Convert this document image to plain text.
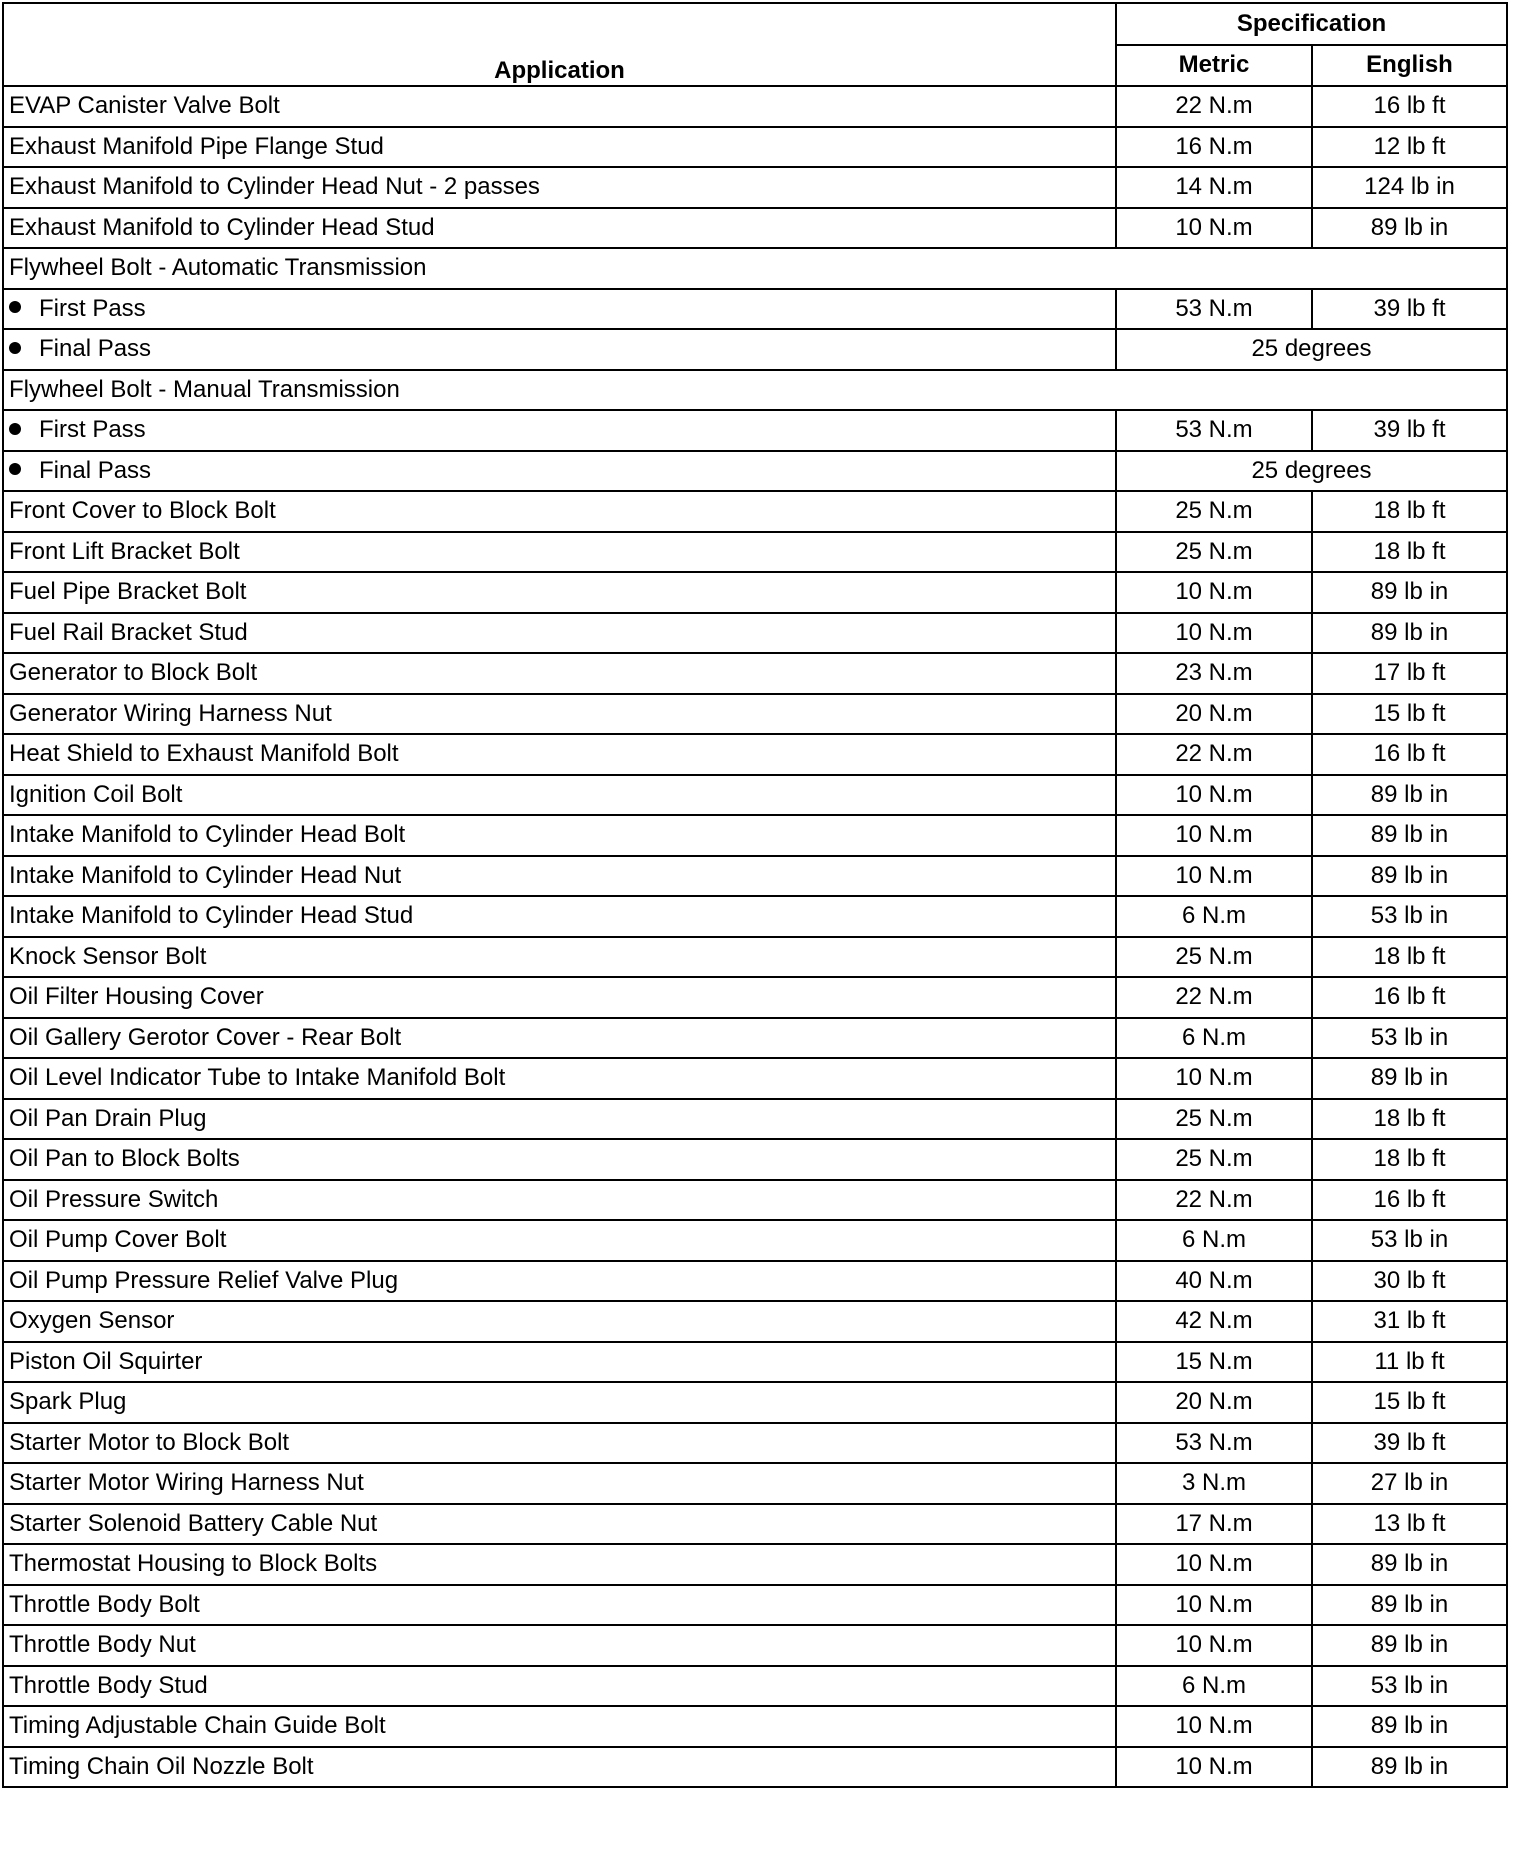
Application	Specification	
	Metric	English
EVAP Canister Valve Bolt	22 N.m	16 lb ft
Exhaust Manifold Pipe Flange Stud	16 N.m	12 lb ft
Exhaust Manifold to Cylinder Head Nut - 2 passes	14 N.m	124 lb in
Exhaust Manifold to Cylinder Head Stud	10 N.m	89 lb in
Flywheel Bolt - Automatic Transmission		
First Pass	53 N.m	39 lb ft
Final Pass	25 degrees	
Flywheel Bolt - Manual Transmission		
First Pass	53 N.m	39 lb ft
Final Pass	25 degrees	
Front Cover to Block Bolt	25 N.m	18 lb ft
Front Lift Bracket Bolt	25 N.m	18 lb ft
Fuel Pipe Bracket Bolt	10 N.m	89 lb in
Fuel Rail Bracket Stud	10 N.m	89 lb in
Generator to Block Bolt	23 N.m	17 lb ft
Generator Wiring Harness Nut	20 N.m	15 lb ft
Heat Shield to Exhaust Manifold Bolt	22 N.m	16 lb ft
Ignition Coil Bolt	10 N.m	89 lb in
Intake Manifold to Cylinder Head Bolt	10 N.m	89 lb in
Intake Manifold to Cylinder Head Nut	10 N.m	89 lb in
Intake Manifold to Cylinder Head Stud	6 N.m	53 lb in
Knock Sensor Bolt	25 N.m	18 lb ft
Oil Filter Housing Cover	22 N.m	16 lb ft
Oil Gallery Gerotor Cover - Rear Bolt	6 N.m	53 lb in
Oil Level Indicator Tube to Intake Manifold Bolt	10 N.m	89 lb in
Oil Pan Drain Plug	25 N.m	18 lb ft
Oil Pan to Block Bolts	25 N.m	18 lb ft
Oil Pressure Switch	22 N.m	16 lb ft
Oil Pump Cover Bolt	6 N.m	53 lb in
Oil Pump Pressure Relief Valve Plug	40 N.m	30 lb ft
Oxygen Sensor	42 N.m	31 lb ft
Piston Oil Squirter	15 N.m	11 lb ft
Spark Plug	20 N.m	15 lb ft
Starter Motor to Block Bolt	53 N.m	39 lb ft
Starter Motor Wiring Harness Nut	3 N.m	27 lb in
Starter Solenoid Battery Cable Nut	17 N.m	13 lb ft
Thermostat Housing to Block Bolts	10 N.m	89 lb in
Throttle Body Bolt	10 N.m	89 lb in
Throttle Body Nut	10 N.m	89 lb in
Throttle Body Stud	6 N.m	53 lb in
Timing Adjustable Chain Guide Bolt	10 N.m	89 lb in
Timing Chain Oil Nozzle Bolt	10 N.m	89 lb in
